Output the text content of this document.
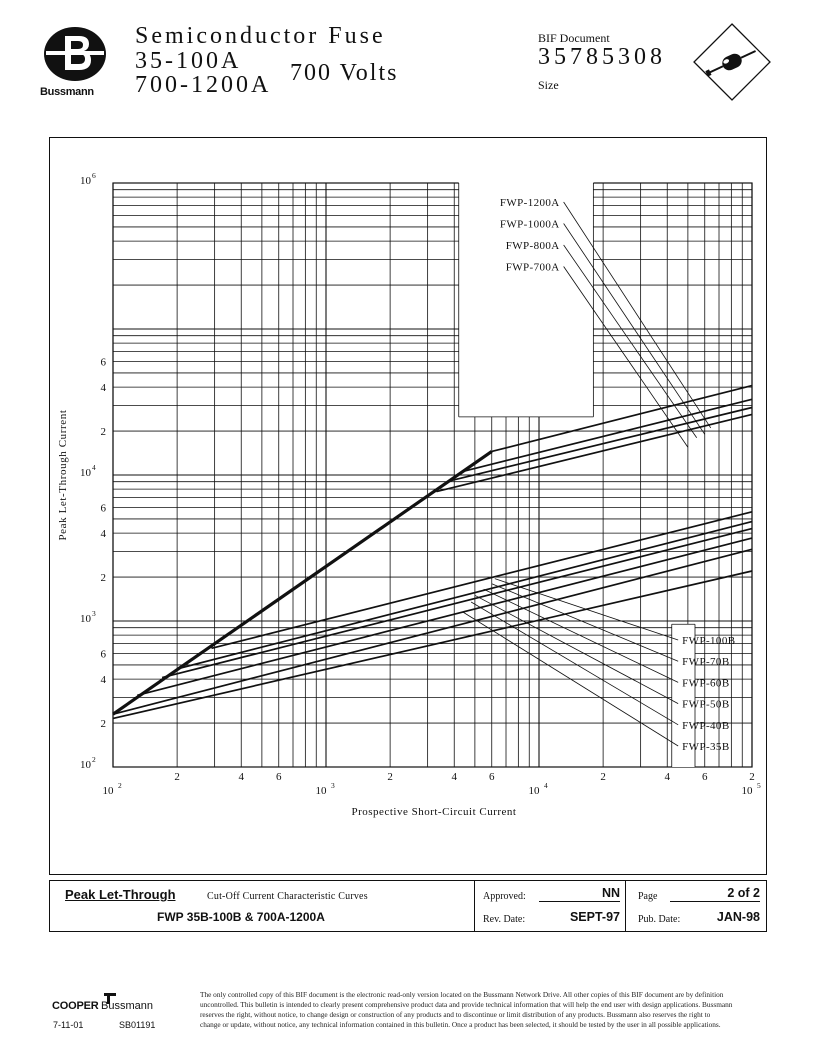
Bussmann
Semiconductor Fuse
35-100A
700-1200A 700 Volts
BIF Document
35785308
Size
FWP-1200A
FWP-1000A
FWP-800A
FWP-700A
FWP-100B
FWP-70B
FWP-60B
FWP-50B
FWP-40B
FWP-35B
2	4	6	2	4	6	2	4	6	2
10 2	10 3	10 4	10 5
2
4
6
2
4
6
2
4
6
10 2
10 3
10 4
10 6
Prospective Short-Circuit Current
Peak Let-Through Current
Peak Let-Through	Cut-Off Current Characteristic Curves
FWP 35B-100B & 700A-1200A
Approved:	NN
Rev. Date:	SEPT-97
Page	2 of 2
Pub. Date:	JAN-98
COOPER Bussmann
7-11-01	SB01191
The only controlled copy of this BIF document is the electronic read-only version located on the Bussmann Network Drive. All other copies of this BIF document are by definition
uncontrolled. This bulletin is intended to clearly present comprehensive product data and provide technical information that will help the end user with design applications. Bussmann
reserves the right, without notice, to change design or construction of any products and to discontinue or limit distribution of any products. Bussmann also reserves the right to
change or update, without notice, any technical information contained in this bulletin. Once a product has been selected, it should be tested by the user in all possible applications.
